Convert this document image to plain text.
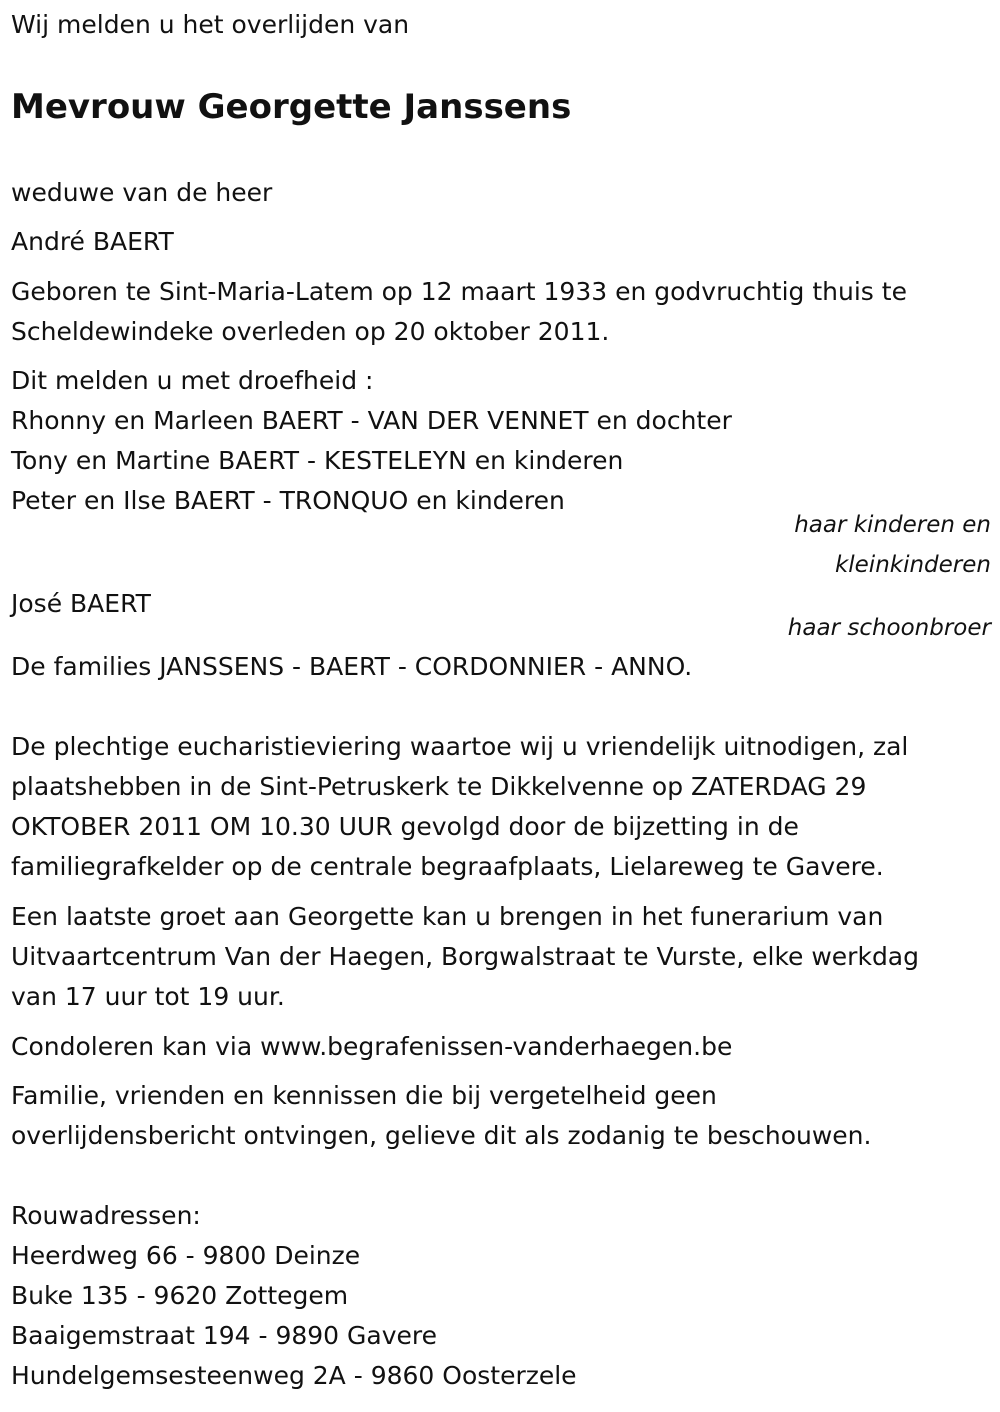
Wij melden u het overlijden van
Mevrouw Georgette Janssens
weduwe van de heer
André BAERT
Geboren te Sint-Maria-Latem op 12 maart 1933 en godvruchtig thuis te
Scheldewindeke overleden op 20 oktober 2011.
Dit melden u met droefheid :
Rhonny en Marleen BAERT - VAN DER VENNET en dochter
Tony en Martine BAERT - KESTELEYN en kinderen
Peter en Ilse BAERT - TRONQUO en kinderen
haar kinderen en
kleinkinderen
José BAERT
haar schoonbroer
De families JANSSENS - BAERT - CORDONNIER - ANNO.
De plechtige eucharistieviering waartoe wij u vriendelijk uitnodigen, zal
plaatshebben in de Sint-Petruskerk te Dikkelvenne op ZATERDAG 29
OKTOBER 2011 OM 10.30 UUR gevolgd door de bijzetting in de
familiegrafkelder op de centrale begraafplaats, Lielareweg te Gavere.
Een laatste groet aan Georgette kan u brengen in het funerarium van
Uitvaartcentrum Van der Haegen, Borgwalstraat te Vurste, elke werkdag
van 17 uur tot 19 uur.
Condoleren kan via www.begrafenissen-vanderhaegen.be
Familie, vrienden en kennissen die bij vergetelheid geen
overlijdensbericht ontvingen, gelieve dit als zodanig te beschouwen.
Rouwadressen:
Heerdweg 66 - 9800 Deinze
Buke 135 - 9620 Zottegem
Baaigemstraat 194 - 9890 Gavere
Hundelgemsesteenweg 2A - 9860 Oosterzele
